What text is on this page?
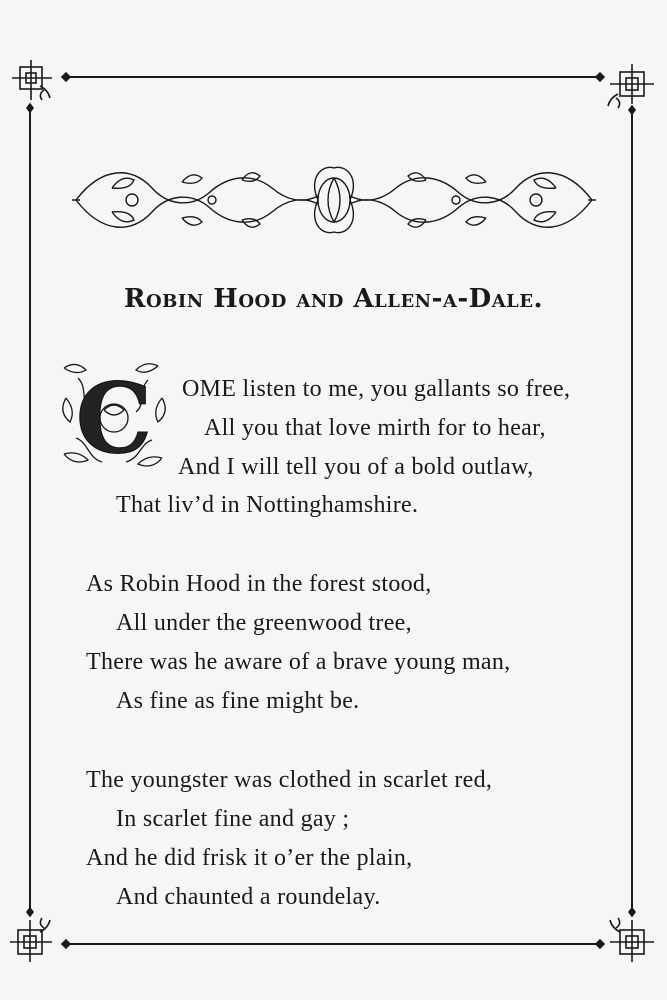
Robin Hood and Allen-a-Dale.
C	OME listen to me, you gallants so free,
All you that love mirth for to hear,
And I will tell you of a bold outlaw,
That liv’d in Nottinghamshire.
As Robin Hood in the forest stood,
All under the greenwood tree,
There was he aware of a brave young man,
As fine as fine might be.
The youngster was clothed in scarlet red,
In scarlet fine and gay ;
And he did frisk it o’er the plain,
And chaunted a roundelay.
